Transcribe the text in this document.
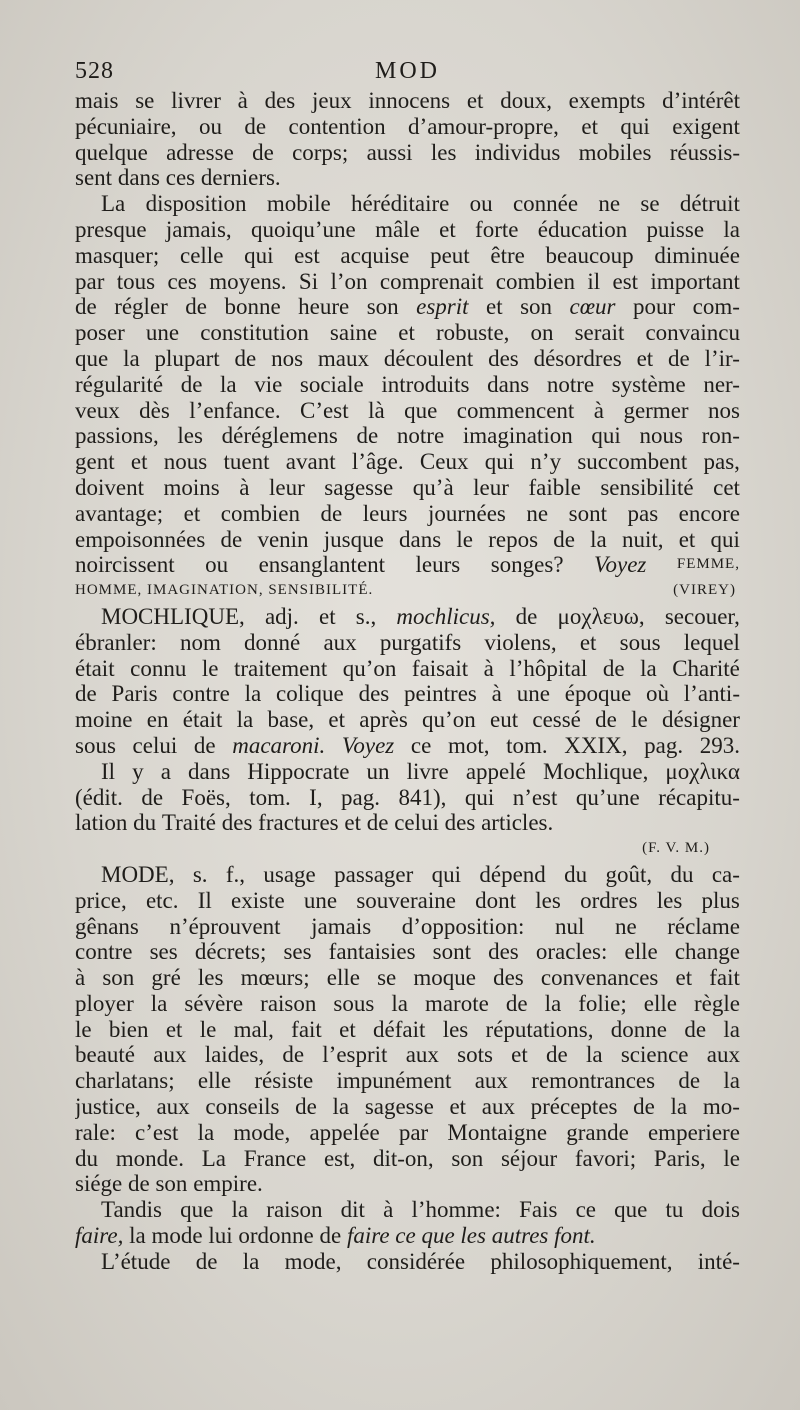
528	MOD
mais se livrer à des jeux innocens et doux, exempts d’intérêt
pécuniaire, ou de contention d’amour-propre, et qui exigent
quelque adresse de corps; aussi les individus mobiles réussis-
sent dans ces derniers.
La disposition mobile héréditaire ou connée ne se détruit
presque jamais, quoiqu’une mâle et forte éducation puisse la
masquer; celle qui est acquise peut être beaucoup diminuée
par tous ces moyens. Si l’on comprenait combien il est important
de régler de bonne heure son esprit et son cœur pour com-
poser une constitution saine et robuste, on serait convaincu
que la plupart de nos maux découlent des désordres et de l’ir-
régularité de la vie sociale introduits dans notre système ner-
veux dès l’enfance. C’est là que commencent à germer nos
passions, les déréglemens de notre imagination qui nous ron-
gent et nous tuent avant l’âge. Ceux qui n’y succombent pas,
doivent moins à leur sagesse qu’à leur faible sensibilité cet
avantage; et combien de leurs journées ne sont pas encore
empoisonnées de venin jusque dans le repos de la nuit, et qui
noircissent ou ensanglantent leurs songes? Voyez FEMME,
HOMME, IMAGINATION, SENSIBILITÉ.	(VIREY)
MOCHLIQUE, adj. et s., mochlicus, de μοχλευω, secouer,
ébranler: nom donné aux purgatifs violens, et sous lequel
était connu le traitement qu’on faisait à l’hôpital de la Charité
de Paris contre la colique des peintres à une époque où l’anti-
moine en était la base, et après qu’on eut cessé de le désigner
sous celui de macaroni. Voyez ce mot, tom. XXIX, pag. 293.
Il y a dans Hippocrate un livre appelé Mochlique, μοχλικα
(édit. de Foës, tom. I, pag. 841), qui n’est qu’une récapitu-
lation du Traité des fractures et de celui des articles.
(F. V. M.)
MODE, s. f., usage passager qui dépend du goût, du ca-
price, etc. Il existe une souveraine dont les ordres les plus
gênans n’éprouvent jamais d’opposition: nul ne réclame
contre ses décrets; ses fantaisies sont des oracles: elle change
à son gré les mœurs; elle se moque des convenances et fait
ployer la sévère raison sous la marote de la folie; elle règle
le bien et le mal, fait et défait les réputations, donne de la
beauté aux laides, de l’esprit aux sots et de la science aux
charlatans; elle résiste impunément aux remontrances de la
justice, aux conseils de la sagesse et aux préceptes de la mo-
rale: c’est la mode, appelée par Montaigne grande emperiere
du monde. La France est, dit-on, son séjour favori; Paris, le
siége de son empire.
Tandis que la raison dit à l’homme: Fais ce que tu dois
faire, la mode lui ordonne de faire ce que les autres font.
L’étude de la mode, considérée philosophiquement, inté-
